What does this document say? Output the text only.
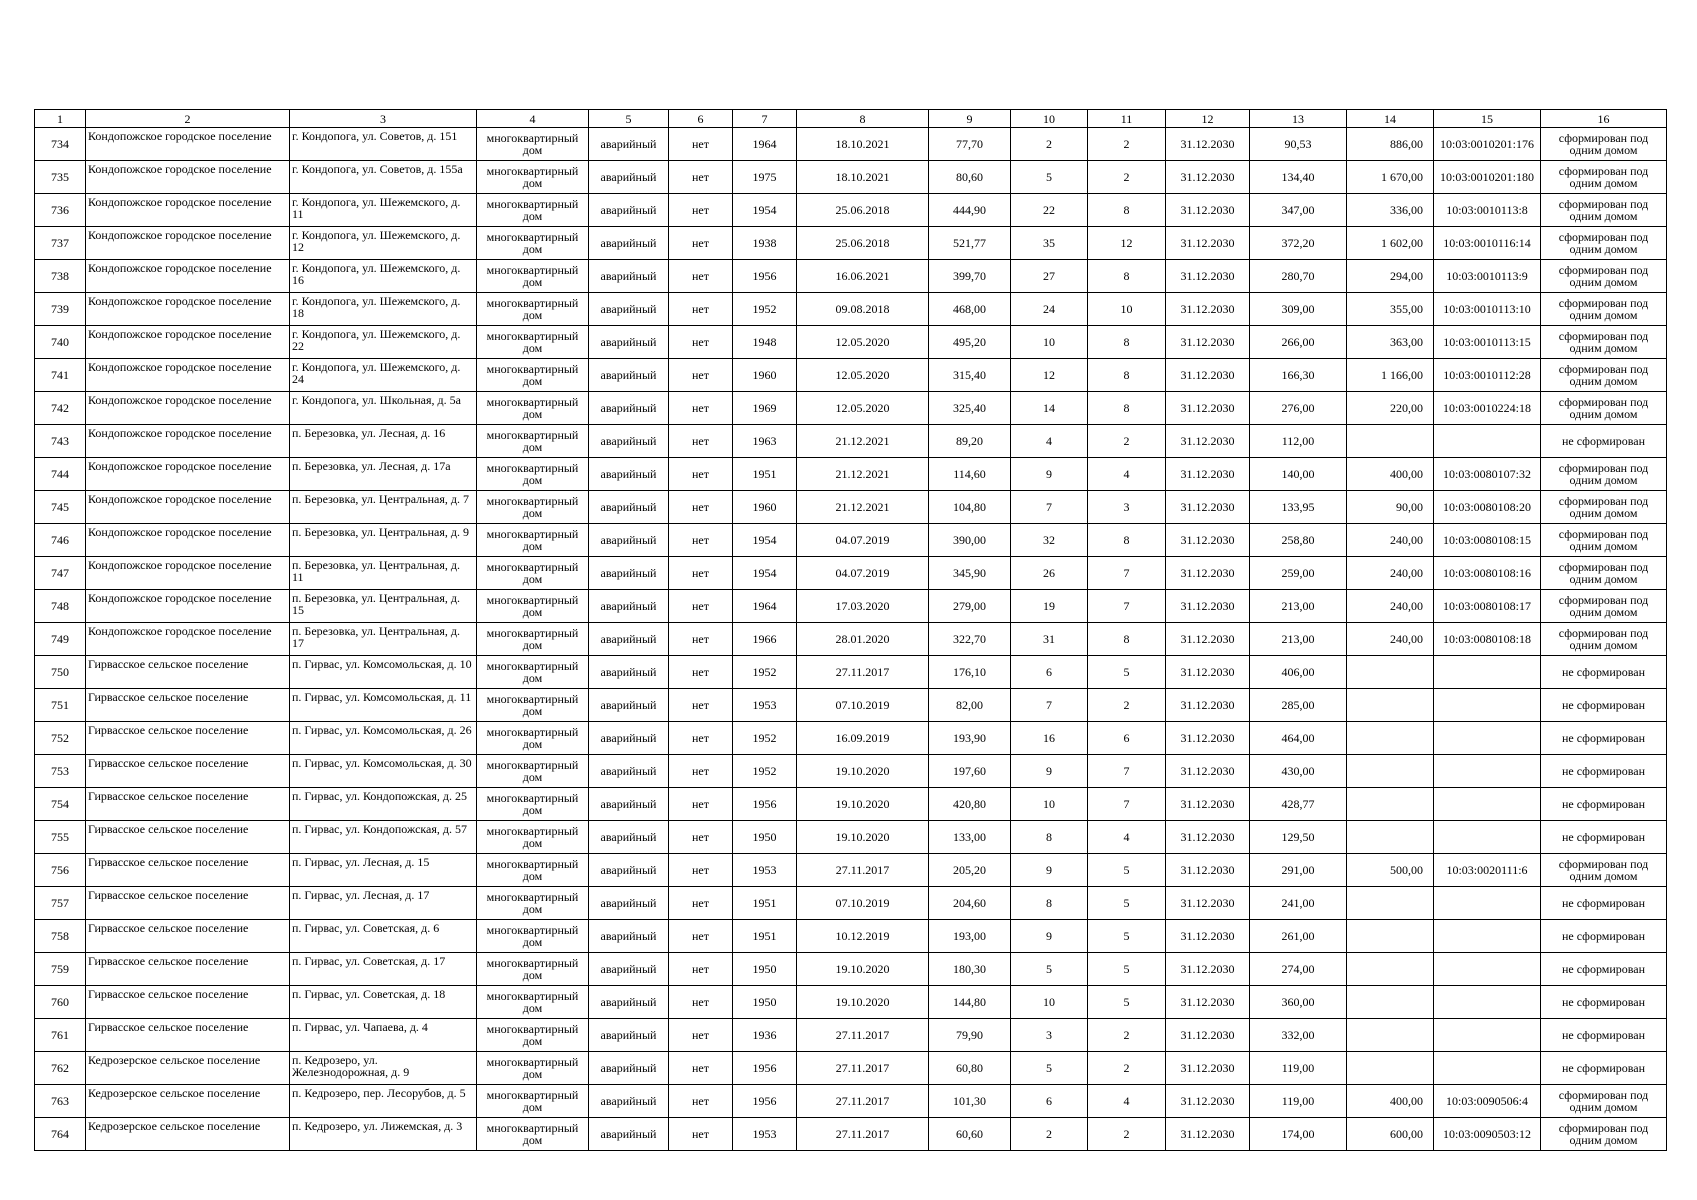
1	2	3	4	5	6	7	8	9	10	11	12	13	14	15	16
734	Кондопожское городское поселение	г. Кондопога, ул. Советов, д. 151	многоквартирный дом	аварийный	нет	1964	18.10.2021	77,70	2	2	31.12.2030	90,53	886,00	10:03:0010201:176	сформирован под одним домом
735	Кондопожское городское поселение	г. Кондопога, ул. Советов, д. 155а	многоквартирный дом	аварийный	нет	1975	18.10.2021	80,60	5	2	31.12.2030	134,40	1 670,00	10:03:0010201:180	сформирован под одним домом
736	Кондопожское городское поселение	г. Кондопога, ул. Шежемского, д. 11	многоквартирный дом	аварийный	нет	1954	25.06.2018	444,90	22	8	31.12.2030	347,00	336,00	10:03:0010113:8	сформирован под одним домом
737	Кондопожское городское поселение	г. Кондопога, ул. Шежемского, д. 12	многоквартирный дом	аварийный	нет	1938	25.06.2018	521,77	35	12	31.12.2030	372,20	1 602,00	10:03:0010116:14	сформирован под одним домом
738	Кондопожское городское поселение	г. Кондопога, ул. Шежемского, д. 16	многоквартирный дом	аварийный	нет	1956	16.06.2021	399,70	27	8	31.12.2030	280,70	294,00	10:03:0010113:9	сформирован под одним домом
739	Кондопожское городское поселение	г. Кондопога, ул. Шежемского, д. 18	многоквартирный дом	аварийный	нет	1952	09.08.2018	468,00	24	10	31.12.2030	309,00	355,00	10:03:0010113:10	сформирован под одним домом
740	Кондопожское городское поселение	г. Кондопога, ул. Шежемского, д. 22	многоквартирный дом	аварийный	нет	1948	12.05.2020	495,20	10	8	31.12.2030	266,00	363,00	10:03:0010113:15	сформирован под одним домом
741	Кондопожское городское поселение	г. Кондопога, ул. Шежемского, д. 24	многоквартирный дом	аварийный	нет	1960	12.05.2020	315,40	12	8	31.12.2030	166,30	1 166,00	10:03:0010112:28	сформирован под одним домом
742	Кондопожское городское поселение	г. Кондопога, ул. Школьная, д. 5а	многоквартирный дом	аварийный	нет	1969	12.05.2020	325,40	14	8	31.12.2030	276,00	220,00	10:03:0010224:18	сформирован под одним домом
743	Кондопожское городское поселение	п. Березовка, ул. Лесная, д. 16	многоквартирный дом	аварийный	нет	1963	21.12.2021	89,20	4	2	31.12.2030	112,00			не сформирован
744	Кондопожское городское поселение	п. Березовка, ул. Лесная, д. 17а	многоквартирный дом	аварийный	нет	1951	21.12.2021	114,60	9	4	31.12.2030	140,00	400,00	10:03:0080107:32	сформирован под одним домом
745	Кондопожское городское поселение	п. Березовка, ул. Центральная, д. 7	многоквартирный дом	аварийный	нет	1960	21.12.2021	104,80	7	3	31.12.2030	133,95	90,00	10:03:0080108:20	сформирован под одним домом
746	Кондопожское городское поселение	п. Березовка, ул. Центральная, д. 9	многоквартирный дом	аварийный	нет	1954	04.07.2019	390,00	32	8	31.12.2030	258,80	240,00	10:03:0080108:15	сформирован под одним домом
747	Кондопожское городское поселение	п. Березовка, ул. Центральная, д. 11	многоквартирный дом	аварийный	нет	1954	04.07.2019	345,90	26	7	31.12.2030	259,00	240,00	10:03:0080108:16	сформирован под одним домом
748	Кондопожское городское поселение	п. Березовка, ул. Центральная, д. 15	многоквартирный дом	аварийный	нет	1964	17.03.2020	279,00	19	7	31.12.2030	213,00	240,00	10:03:0080108:17	сформирован под одним домом
749	Кондопожское городское поселение	п. Березовка, ул. Центральная, д. 17	многоквартирный дом	аварийный	нет	1966	28.01.2020	322,70	31	8	31.12.2030	213,00	240,00	10:03:0080108:18	сформирован под одним домом
750	Гирвасское сельское поселение	п. Гирвас, ул. Комсомольская, д. 10	многоквартирный дом	аварийный	нет	1952	27.11.2017	176,10	6	5	31.12.2030	406,00			не сформирован
751	Гирвасское сельское поселение	п. Гирвас, ул. Комсомольская, д. 11	многоквартирный дом	аварийный	нет	1953	07.10.2019	82,00	7	2	31.12.2030	285,00			не сформирован
752	Гирвасское сельское поселение	п. Гирвас, ул. Комсомольская, д. 26	многоквартирный дом	аварийный	нет	1952	16.09.2019	193,90	16	6	31.12.2030	464,00			не сформирован
753	Гирвасское сельское поселение	п. Гирвас, ул. Комсомольская, д. 30	многоквартирный дом	аварийный	нет	1952	19.10.2020	197,60	9	7	31.12.2030	430,00			не сформирован
754	Гирвасское сельское поселение	п. Гирвас, ул. Кондопожская, д. 25	многоквартирный дом	аварийный	нет	1956	19.10.2020	420,80	10	7	31.12.2030	428,77			не сформирован
755	Гирвасское сельское поселение	п. Гирвас, ул. Кондопожская, д. 57	многоквартирный дом	аварийный	нет	1950	19.10.2020	133,00	8	4	31.12.2030	129,50			не сформирован
756	Гирвасское сельское поселение	п. Гирвас, ул. Лесная, д. 15	многоквартирный дом	аварийный	нет	1953	27.11.2017	205,20	9	5	31.12.2030	291,00	500,00	10:03:0020111:6	сформирован под одним домом
757	Гирвасское сельское поселение	п. Гирвас, ул. Лесная, д. 17	многоквартирный дом	аварийный	нет	1951	07.10.2019	204,60	8	5	31.12.2030	241,00			не сформирован
758	Гирвасское сельское поселение	п. Гирвас, ул. Советская, д. 6	многоквартирный дом	аварийный	нет	1951	10.12.2019	193,00	9	5	31.12.2030	261,00			не сформирован
759	Гирвасское сельское поселение	п. Гирвас, ул. Советская, д. 17	многоквартирный дом	аварийный	нет	1950	19.10.2020	180,30	5	5	31.12.2030	274,00			не сформирован
760	Гирвасское сельское поселение	п. Гирвас, ул. Советская, д. 18	многоквартирный дом	аварийный	нет	1950	19.10.2020	144,80	10	5	31.12.2030	360,00			не сформирован
761	Гирвасское сельское поселение	п. Гирвас, ул. Чапаева, д. 4	многоквартирный дом	аварийный	нет	1936	27.11.2017	79,90	3	2	31.12.2030	332,00			не сформирован
762	Кедрозерское сельское поселение	п. Кедрозеро, ул. Железнодорожная, д. 9	многоквартирный дом	аварийный	нет	1956	27.11.2017	60,80	5	2	31.12.2030	119,00			не сформирован
763	Кедрозерское сельское поселение	п. Кедрозеро, пер. Лесорубов, д. 5	многоквартирный дом	аварийный	нет	1956	27.11.2017	101,30	6	4	31.12.2030	119,00	400,00	10:03:0090506:4	сформирован под одним домом
764	Кедрозерское сельское поселение	п. Кедрозеро, ул. Лижемская, д. 3	многоквартирный дом	аварийный	нет	1953	27.11.2017	60,60	2	2	31.12.2030	174,00	600,00	10:03:0090503:12	сформирован под одним домом
